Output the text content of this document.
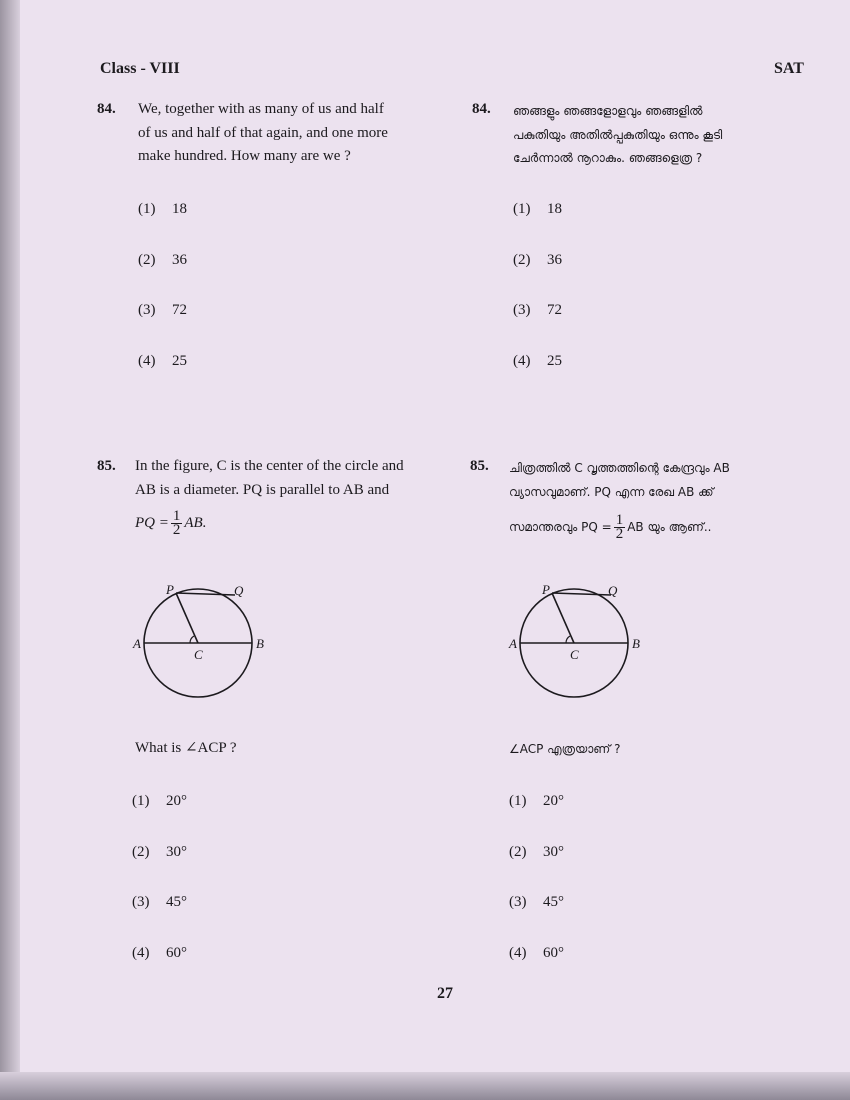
Class - VIII	SAT
84. We, together with as many of us and half
of us and half of that again, and one more
make hundred. How many are we ?
(1) 18
(2) 36
(3) 72
(4) 25
84. ഞങ്ങളും ഞങ്ങളോളവും ഞങ്ങളിൽ
പകുതിയും അതിൽപ്പകുതിയും ഒന്നും കൂടി
ചേർന്നാൽ നൂറാകും. ഞങ്ങളെത്ര ?
(1) 18
(2) 36
(3) 72
(4) 25
85. In the figure, C is the center of the circle and
AB is a diameter. PQ is parallel to AB and
PQ = $\frac{1}{2}$ AB.
P	Q
A	B
C
What is ∠ACP ?
(1) 20°
(2) 30°
(3) 45°
(4) 60°
85. ചിത്രത്തിൽ C വൃത്തത്തിന്റെ കേന്ദ്രവും AB
വ്യാസവുമാണ്. PQ എന്ന രേഖ AB ക്ക്
സമാന്തരവും PQ = $\frac{1}{2}$ AB യും ആണ്..
P	Q
A	B
C
∠ACP എത്രയാണ് ?
(1) 20°
(2) 30°
(3) 45°
(4) 60°
27
